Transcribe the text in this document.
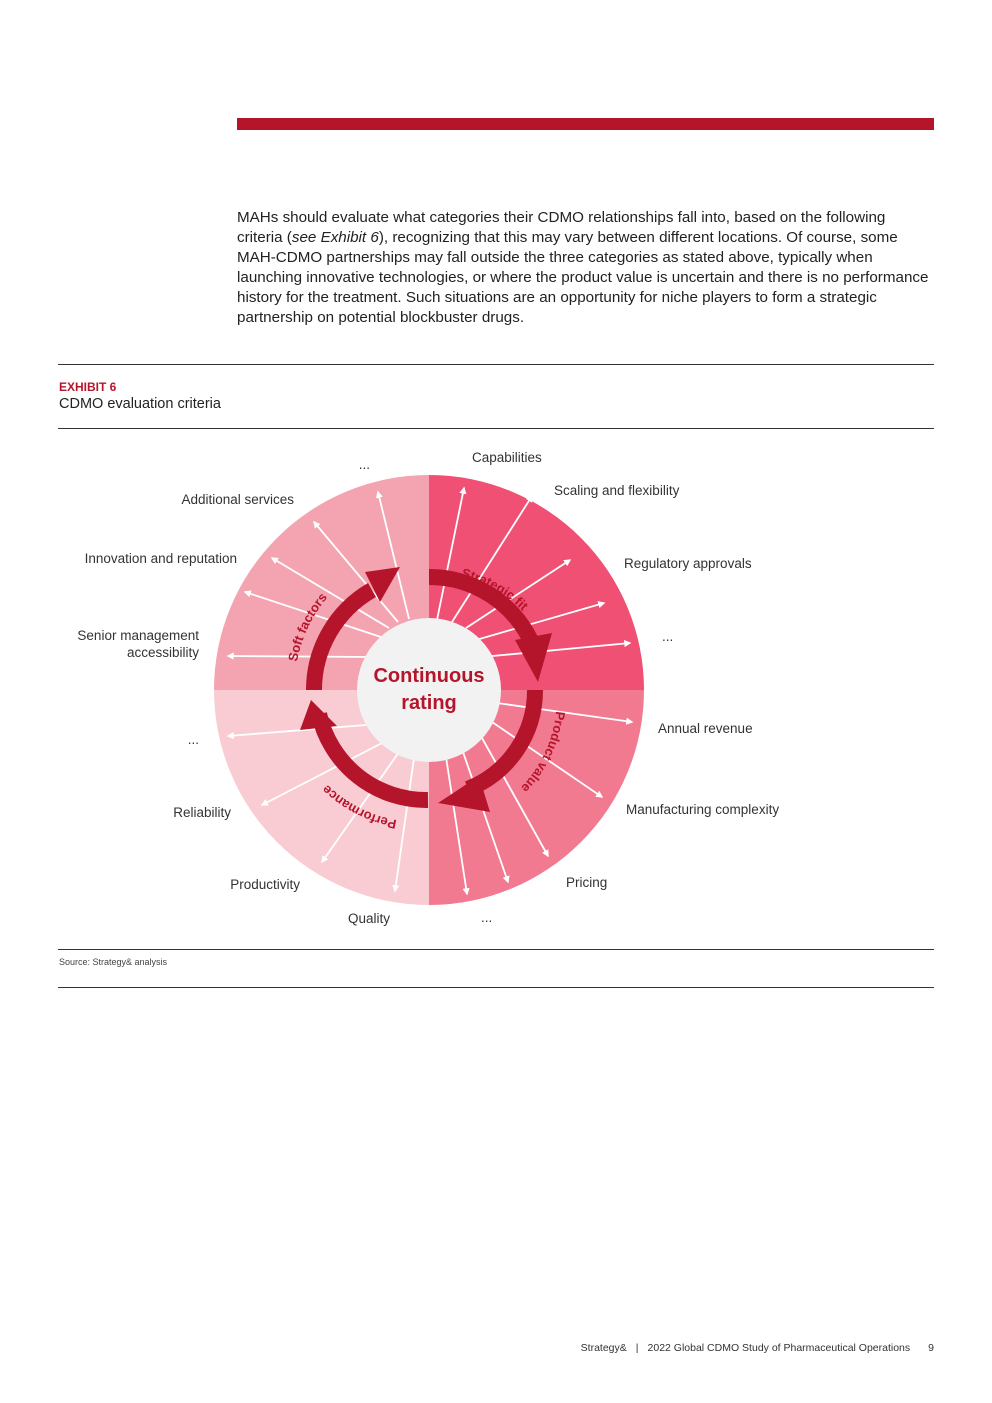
MAHs should evaluate what categories their CDMO relationships fall into, based on the following criteria (see Exhibit 6), recognizing that this may vary between different locations. Of course, some MAH-CDMO partnerships may fall outside the three categories as stated above, typically when launching innovative technologies, or where the product value is uncertain and there is no performance history for the treatment. Such situations are an opportunity for niche players to form a strategic partnership on potential blockbuster drugs.

EXHIBIT 6
CDMO evaluation criteria
Strategic fit
Product value
Performance
Soft factors
Continuous
rating
Capabilities
Scaling and flexibility
Regulatory approvals
...
Annual revenue
Manufacturing complexity
Pricing
...
Quality
Productivity
Reliability
...
Senior management
accessibility
Innovation and reputation
Additional services
...
Source: Strategy& analysis
Strategy& | 2022 Global CDMO Study of Pharmaceutical Operations 9
